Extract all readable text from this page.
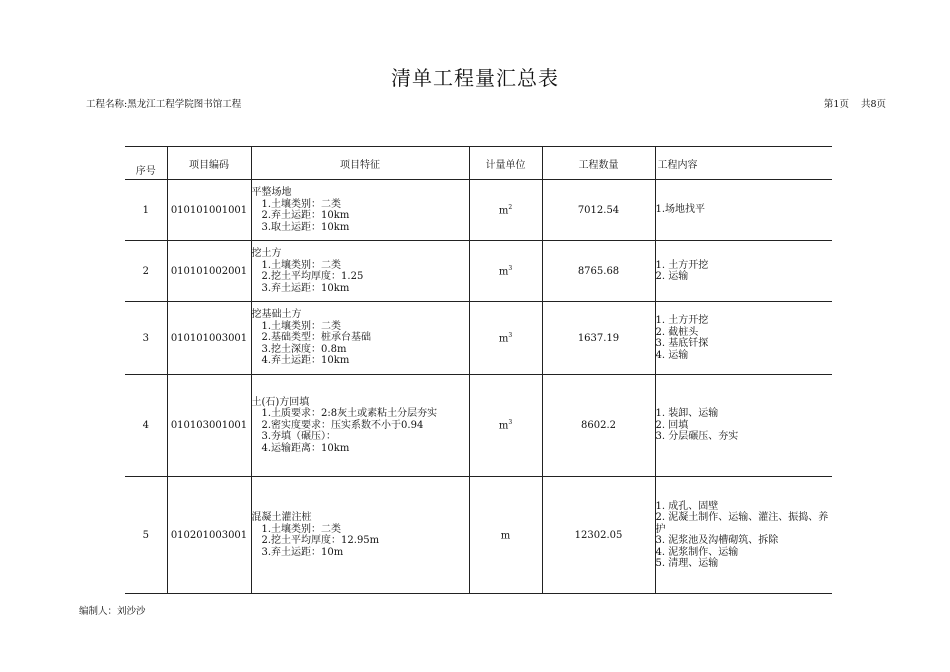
清单工程量汇总表
工程名称:黑龙江工程学院图书馆工程	第1页 共8页
序号	项目编码	项目特征	计量单位	工程数量	工程内容
1	010101001001	平整场地
1.土壤类别：二类
2.弃土运距：10km
3.取土运距：10km	$m^2$	7012.54	1.场地找平

2	010101002001	挖土方
1.土壤类别：二类
2.挖土平均厚度：1.25
3.弃土运距：10km	$m^3$	8765.68	1. 土方开挖
2. 运输

3	010101003001	挖基础土方
1.土壤类别：二类
2.基础类型：桩承台基础
3.挖土深度：0.8m
4.弃土运距：10km	$m^3$	1637.19	1. 土方开挖
2. 截桩头
3. 基底钎探
4. 运输

4	010103001001	土(石)方回填
1.土质要求：2:8灰土或素粘土分层夯实
2.密实度要求：压实系数不小于0.94
3.夯填（碾压）：
4.运输距离：10km	$m^3$	8602.2	1. 装卸、运输
2. 回填
3. 分层碾压、夯实

5	010201003001	混凝土灌注桩
1.土壤类别：二类
2.挖土平均厚度：12.95m
3.弃土运距：10m	m	12302.05	1. 成孔、固壁
2. 泥凝土制作、运输、灌注、振捣、养护
3. 泥浆池及沟槽砌筑、拆除
4. 泥浆制作、运输
5. 清理、运输
编制人：刘沙沙
